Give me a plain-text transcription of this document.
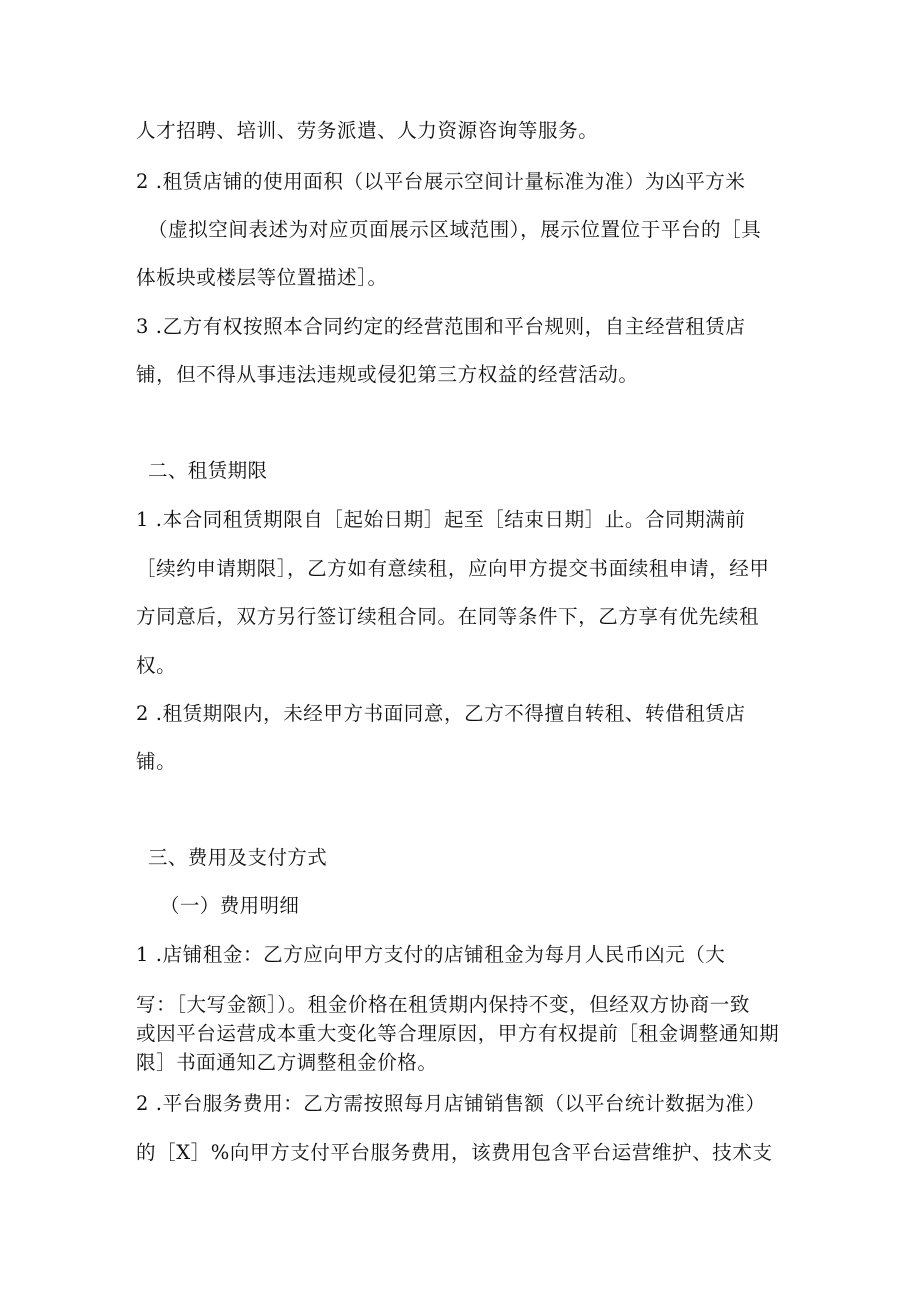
人才招聘、培训、劳务派遣、人力资源咨询等服务。
2 .租赁店铺的使用面积（以平台展示空间计量标准为准）为凶平方米
（虚拟空间表述为对应页面展示区域范围），展示位置位于平台的［具
体板块或楼层等位置描述］。
3 .乙方有权按照本合同约定的经营范围和平台规则，自主经营租赁店
铺，但不得从事违法违规或侵犯第三方权益的经营活动。
二、租赁期限
1 .本合同租赁期限自［起始日期］起至［结束日期］止。合同期满前
［续约申请期限］，乙方如有意续租，应向甲方提交书面续租申请，经甲
方同意后，双方另行签订续租合同。在同等条件下，乙方享有优先续租
权。
2 .租赁期限内，未经甲方书面同意，乙方不得擅自转租、转借租赁店
铺。
三、费用及支付方式
（一）费用明细
1 .店铺租金：乙方应向甲方支付的店铺租金为每月人民币凶元（大
写：［大写金额］）。租金价格在租赁期内保持不变，但经双方协商一致
或因平台运营成本重大变化等合理原因，甲方有权提前［租金调整通知期
限］书面通知乙方调整租金价格。
2 .平台服务费用：乙方需按照每月店铺销售额（以平台统计数据为准）
的［X］%向甲方支付平台服务费用，该费用包含平台运营维护、技术支
